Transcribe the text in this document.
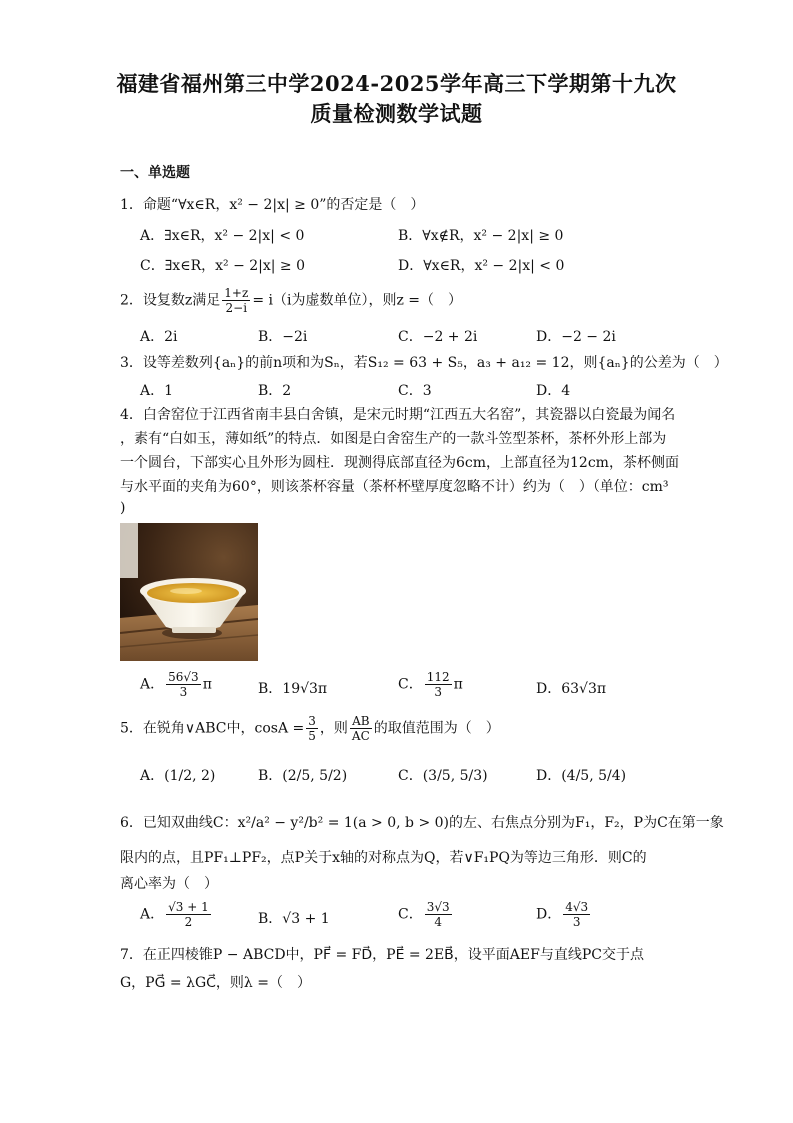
福建省福州第三中学2024-2025学年高三下学期第十九次
质量检测数学试题
一、单选题
1．命题“∀x∈R，x² − 2|x| ≥ 0”的否定是（　）
A．∃x∈R，x² − 2|x| < 0	B．∀x∉R，x² − 2|x| ≥ 0
C．∃x∈R，x² − 2|x| ≥ 0	D．∀x∈R，x² − 2|x| < 0
2．设复数z满足 $\frac{1+z}{2-i} = i(i$为虚数单位），则z =（　）
A．2i	B．−2i	C．−2 + 2i	D．−2 − 2i
3．设等差数列{aₙ}的前n项和为Sₙ，若S₁₂ = 63 + S₅，a₃ + a₁₂ = 12，则{aₙ}的公差为（　）
A．1	B．2	C．3	D．4
4．白舍窑位于江西省南丰县白舍镇，是宋元时期“江西五大名窑”，其瓷器以白瓷最为闻名
，素有“白如玉，薄如纸”的特点．如图是白舍窑生产的一款斗笠型茶杯，茶杯外形上部为
一个圆台，下部实心且外形为圆柱．现测得底部直径为6cm，上部直径为12cm，茶杯侧面
与水平面的夹角为60°，则该茶杯容量（茶杯杯壁厚度忽略不计）约为（　）（单位：cm³
)
A． $\frac{56√3}{3}$ π	B．19√3π	C． $\frac{112}{3}$ π	D．63√3π
5．在锐角∨ABC中，$\cos A = \frac{3}{5}$ ，则 $\frac{AB}{AC}$ 的取值范围为（　）
A．(1/2, 2)	B．(2/5, 5/2)	C．(3/5, 5/3)	D．(4/5, 5/4)
6．已知双曲线C：x²/a² − y²/b² = 1(a > 0, b > 0)的左、右焦点分别为F₁，F₂，P为C在第一象
限内的点，且PF₁⊥PF₂，点P关于x轴的对称点为Q，若∨F₁PQ为等边三角形．则C的
离心率为（　）
A． $\frac{√3 + 1}{2}$	B．√3 + 1	C． $\frac{3√3}{4}$	D． $\frac{4√3}{3}$
7．在正四棱锥P − ABCD中，PF⃗ = FD⃗，PE⃗ = 2EB⃗，设平面AEF与直线PC交于点
G，PG⃗ = λGC⃗，则λ =（　）
